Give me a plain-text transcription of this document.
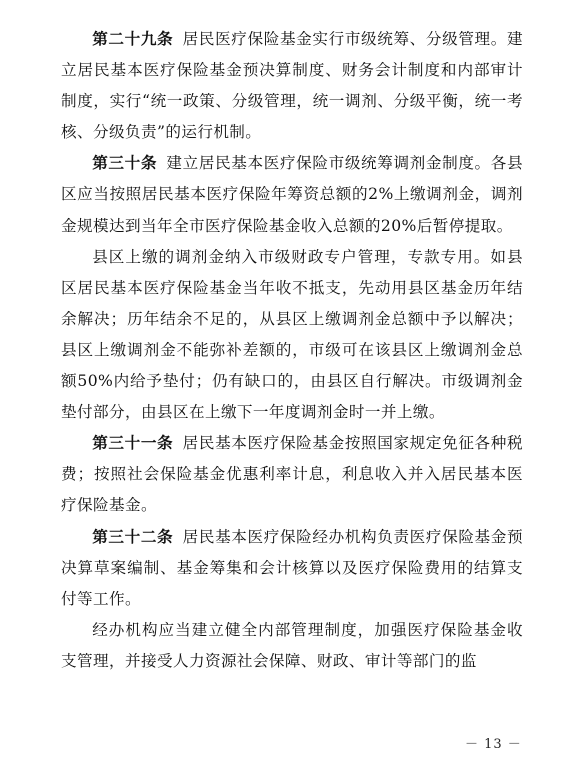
第二十九条 居民医疗保险基金实行市级统筹、分级管理。建立居民基本医疗保险基金预决算制度、财务会计制度和内部审计制度，实行“统一政策、分级管理，统一调剂、分级平衡，统一考核、分级负责”的运行机制。

第三十条 建立居民基本医疗保险市级统筹调剂金制度。各县区应当按照居民基本医疗保险年筹资总额的2%上缴调剂金，调剂金规模达到当年全市医疗保险基金收入总额的20%后暂停提取。

县区上缴的调剂金纳入市级财政专户管理，专款专用。如县区居民基本医疗保险基金当年收不抵支，先动用县区基金历年结余解决；历年结余不足的，从县区上缴调剂金总额中予以解决；县区上缴调剂金不能弥补差额的，市级可在该县区上缴调剂金总额50%内给予垫付；仍有缺口的，由县区自行解决。市级调剂金垫付部分，由县区在上缴下一年度调剂金时一并上缴。

第三十一条 居民基本医疗保险基金按照国家规定免征各种税费；按照社会保险基金优惠利率计息，利息收入并入居民基本医疗保险基金。

第三十二条 居民基本医疗保险经办机构负责医疗保险基金预决算草案编制、基金筹集和会计核算以及医疗保险费用的结算支付等工作。

经办机构应当建立健全内部管理制度，加强医疗保险基金收支管理，并接受人力资源社会保障、财政、审计等部门的监

－ 13 －
